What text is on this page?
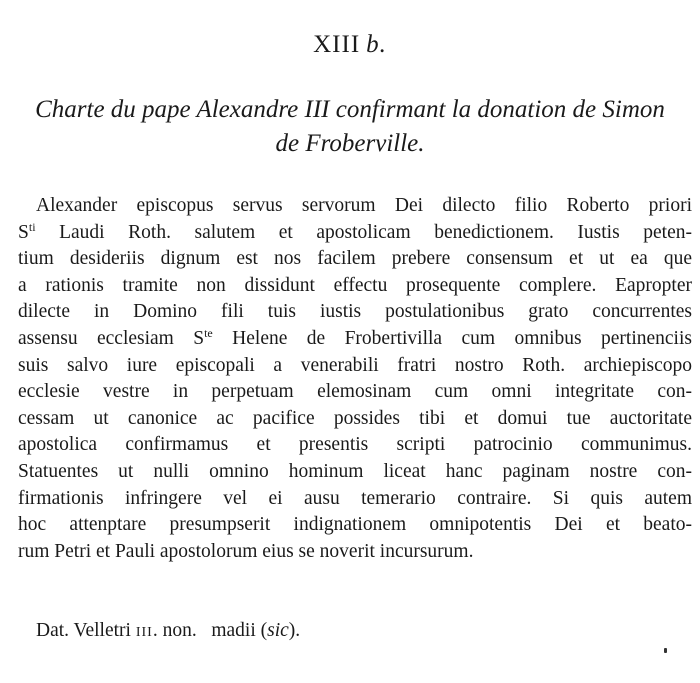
XIII b.
Charte du pape Alexandre III confirmant la donation de Simon
de Froberville.
Alexander episcopus servus servorum Dei dilecto filio Roberto priori
$S^{ti}$ Laudi Roth. salutem et apostolicam benedictionem. Iustis peten-
tium desideriis dignum est nos facilem prebere consensum et ut ea que
a rationis tramite non dissidunt effectu prosequente complere. Eapropter
dilecte in Domino fili tuis iustis postulationibus grato concurrentes
assensu ecclesiam $S^{te}$ Helene de Frobertivilla cum omnibus pertinenciis
suis salvo iure episcopali a venerabili fratri nostro Roth. archiepiscopo
ecclesie vestre in perpetuam elemosinam cum omni integritate con-
cessam ut canonice ac pacifice possides tibi et domui tue auctoritate
apostolica confirmamus et presentis scripti patrocinio communimus.
Statuentes ut nulli omnino hominum liceat hanc paginam nostre con-
firmationis infringere vel ei ausu temerario contraire. Si quis autem
hoc attenptare presumpserit indignationem omnipotentis Dei et beato-
rum Petri et Pauli apostolorum eius se noverit incursurum.
Dat. Velletri iii. non.   madii (sic).
